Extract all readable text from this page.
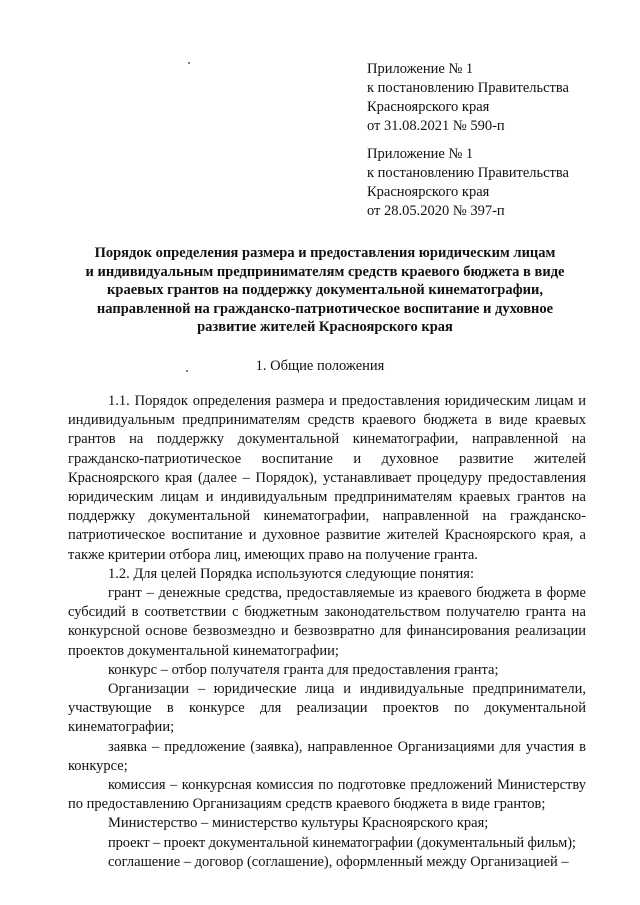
Приложение № 1
к постановлению Правительства
Красноярского края
от 31.08.2021 № 590-п
Приложение № 1
к постановлению Правительства
Красноярского края
от 28.05.2020 № 397-п
Порядок определения размера и предоставления юридическим лицам
и индивидуальным предпринимателям средств краевого бюджета в виде
краевых грантов на поддержку документальной кинематографии,
направленной на гражданско-патриотическое воспитание и духовное
развитие жителей Красноярского края
1. Общие положения

1.1. Порядок определения размера и предоставления юридическим лицам и индивидуальным предпринимателям средств краевого бюджета в виде краевых грантов на поддержку документальной кинематографии, направленной на гражданско-патриотическое воспитание и духовное развитие жителей Красноярского края (далее – Порядок), устанавливает процедуру предоставления юридическим лицам и индивидуальным предпринимателям краевых грантов на поддержку документальной кинематографии, направленной на гражданско-патриотическое воспитание и духовное развитие жителей Красноярского края, а также критерии отбора лиц, имеющих право на получение гранта.

1.2. Для целей Порядка используются следующие понятия:

грант – денежные средства, предоставляемые из краевого бюджета в форме субсидий в соответствии с бюджетным законодательством получателю гранта на конкурсной основе безвозмездно и безвозвратно для финансирования реализации проектов документальной кинематографии;

конкурс – отбор получателя гранта для предоставления гранта;

Организации – юридические лица и индивидуальные предприниматели, участвующие в конкурсе для реализации проектов по документальной кинематографии;

заявка – предложение (заявка), направленное Организациями для участия в конкурсе;

комиссия – конкурсная комиссия по подготовке предложений Министерству по предоставлению Организациям средств краевого бюджета в виде грантов;

Министерство – министерство культуры Красноярского края;

проект – проект документальной кинематографии (документальный фильм);

соглашение – договор (соглашение), оформленный между Организацией –
